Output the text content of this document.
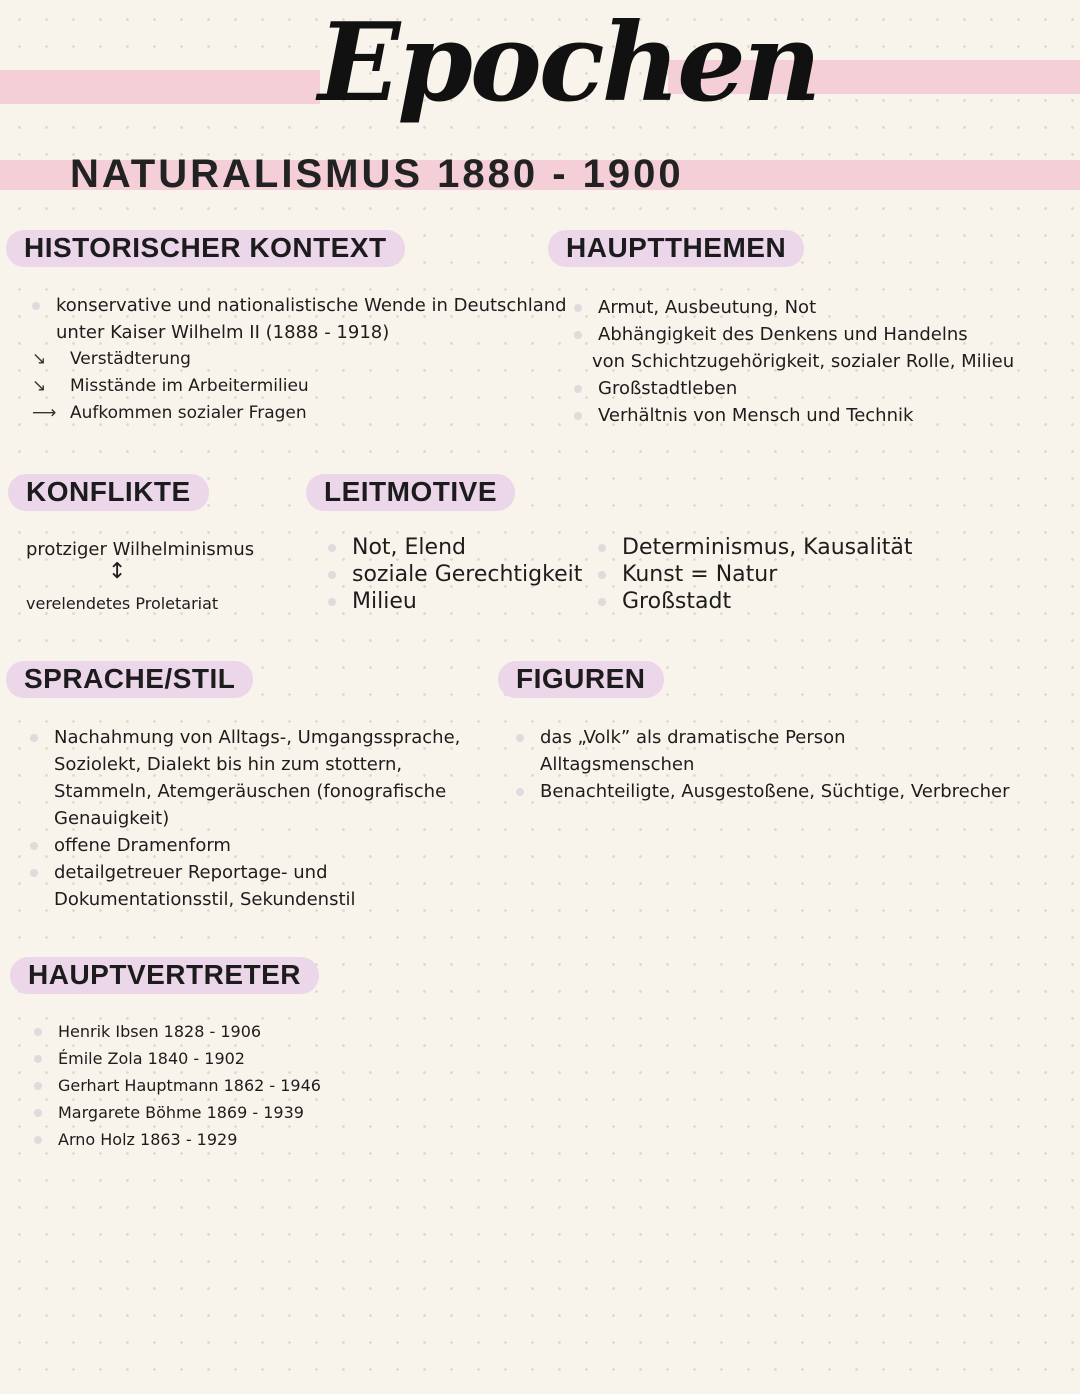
Epochen
NATURALISMUS 1880 - 1900
HISTORISCHER KONTEXT
konservative und nationalistische Wende in Deutschland
unter Kaiser Wilhelm II (1888 - 1918)
↘ Verstädterung
↘ Misstände im Arbeitermilieu
⟶ Aufkommen sozialer Fragen
HAUPTTHEMEN
Armut, Ausbeutung, Not
Abhängigkeit des Denkens und Handelns
von Schichtzugehörigkeit, sozialer Rolle, Milieu
Großstadtleben
Verhältnis von Mensch und Technik
KONFLIKTE
protziger Wilhelminismus
↕
verelendetes Proletariat
LEITMOTIVE
Not, Elend
soziale Gerechtigkeit
Milieu
Determinismus, Kausalität
Kunst = Natur
Großstadt
SPRACHE/STIL
Nachahmung von Alltags-, Umgangssprache,
Soziolekt, Dialekt bis hin zum stottern,
Stammeln, Atemgeräuschen (fonografische
Genauigkeit)
offene Dramenform
detailgetreuer Reportage- und
Dokumentationsstil, Sekundenstil
FIGUREN
das „Volk” als dramatische Person
Alltagsmenschen
Benachteiligte, Ausgestoßene, Süchtige, Verbrecher
HAUPTVERTRETER
Henrik Ibsen 1828 - 1906
Émile Zola 1840 - 1902
Gerhart Hauptmann 1862 - 1946
Margarete Böhme 1869 - 1939
Arno Holz 1863 - 1929
